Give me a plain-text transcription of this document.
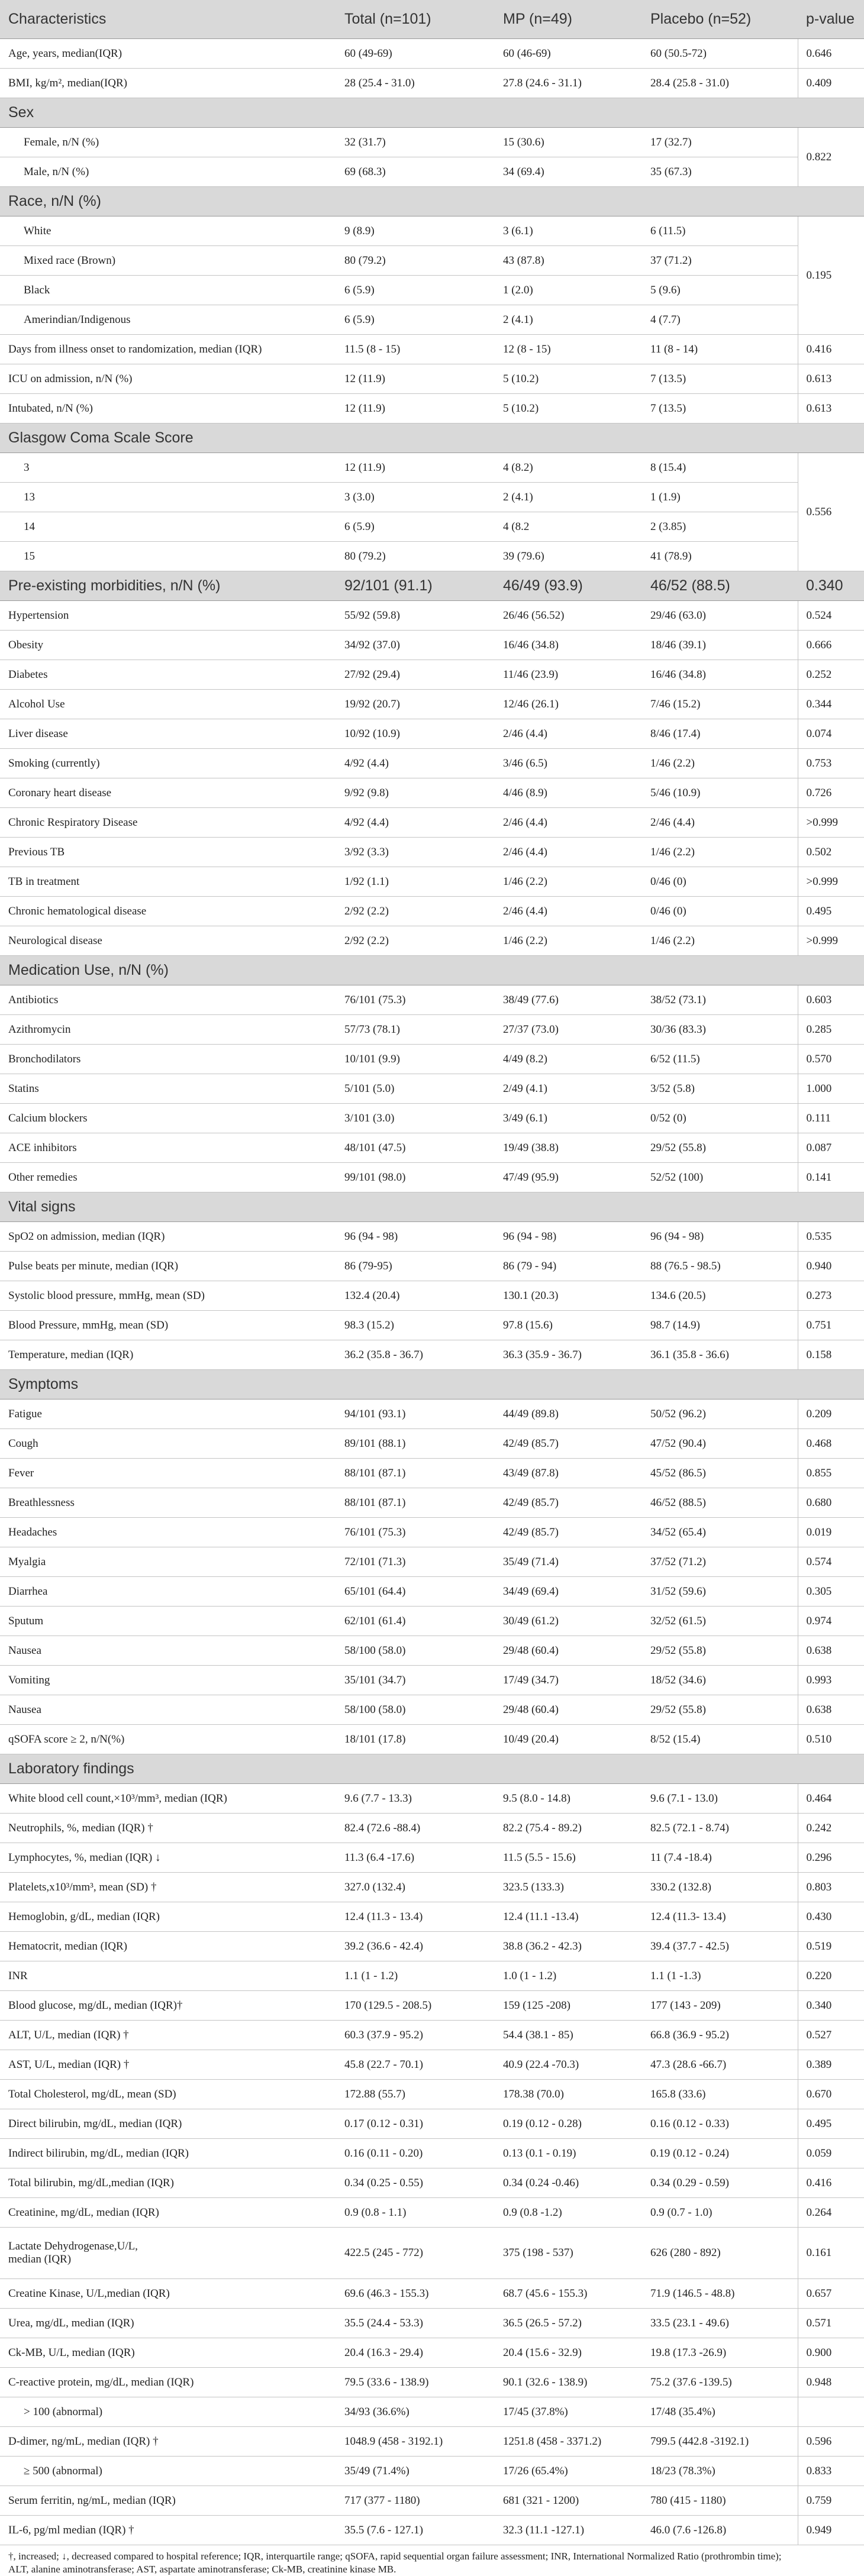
Characteristics	Total (n=101)	MP (n=49)	Placebo (n=52)	p-value
Age, years, median(IQR)	60 (49-69)	60 (46-69)	60 (50.5-72)	0.646
BMI, kg/m², median(IQR)	28 (25.4 - 31.0)	27.8 (24.6 - 31.1)	28.4 (25.8 - 31.0)	0.409
Sex				
Female, n/N (%)	32 (31.7)	15 (30.6)	17 (32.7)	0.822
Male, n/N (%)	69 (68.3)	34 (69.4)	35 (67.3)	
Race, n/N (%)				
White	9 (8.9)	3 (6.1)	6 (11.5)	0.195
Mixed race (Brown)	80 (79.2)	43 (87.8)	37 (71.2)	
Black	6 (5.9)	1 (2.0)	5 (9.6)	
Amerindian/Indigenous	6 (5.9)	2 (4.1)	4 (7.7)	
Days from illness onset to randomization, median (IQR)	11.5 (8 - 15)	12 (8 - 15)	11 (8 - 14)	0.416
ICU on admission, n/N (%)	12 (11.9)	5 (10.2)	7 (13.5)	0.613
Intubated, n/N (%)	12 (11.9)	5 (10.2)	7 (13.5)	0.613
Glasgow Coma Scale Score				
3	12 (11.9)	4 (8.2)	8 (15.4)	0.556
13	3 (3.0)	2 (4.1)	1 (1.9)	
14	6 (5.9)	4 (8.2	2 (3.85)	
15	80 (79.2)	39 (79.6)	41 (78.9)	
Pre-existing morbidities, n/N (%)	92/101 (91.1)	46/49 (93.9)	46/52 (88.5)	0.340
Hypertension	55/92 (59.8)	26/46 (56.52)	29/46 (63.0)	0.524
Obesity	34/92 (37.0)	16/46 (34.8)	18/46 (39.1)	0.666
Diabetes	27/92 (29.4)	11/46 (23.9)	16/46 (34.8)	0.252
Alcohol Use	19/92 (20.7)	12/46 (26.1)	7/46 (15.2)	0.344
Liver disease	10/92 (10.9)	2/46 (4.4)	8/46 (17.4)	0.074
Smoking (currently)	4/92 (4.4)	3/46 (6.5)	1/46 (2.2)	0.753
Coronary heart disease	9/92 (9.8)	4/46 (8.9)	5/46 (10.9)	0.726
Chronic Respiratory Disease	4/92 (4.4)	2/46 (4.4)	2/46 (4.4)	>0.999
Previous TB	3/92 (3.3)	2/46 (4.4)	1/46 (2.2)	0.502
TB in treatment	1/92 (1.1)	1/46 (2.2)	0/46 (0)	>0.999
Chronic hematological disease	2/92 (2.2)	2/46 (4.4)	0/46 (0)	0.495
Neurological disease	2/92 (2.2)	1/46 (2.2)	1/46 (2.2)	>0.999
Medication Use, n/N (%)				
Antibiotics	76/101 (75.3)	38/49 (77.6)	38/52 (73.1)	0.603
Azithromycin	57/73 (78.1)	27/37 (73.0)	30/36 (83.3)	0.285
Bronchodilators	10/101 (9.9)	4/49 (8.2)	6/52 (11.5)	0.570
Statins	5/101 (5.0)	2/49 (4.1)	3/52 (5.8)	1.000
Calcium blockers	3/101 (3.0)	3/49 (6.1)	0/52 (0)	0.111
ACE inhibitors	48/101 (47.5)	19/49 (38.8)	29/52 (55.8)	0.087
Other remedies	99/101 (98.0)	47/49 (95.9)	52/52 (100)	0.141
Vital signs				
SpO2 on admission, median (IQR)	96 (94 - 98)	96 (94 - 98)	96 (94 - 98)	0.535
Pulse beats per minute, median (IQR)	86 (79-95)	86 (79 - 94)	88 (76.5 - 98.5)	0.940
Systolic blood pressure, mmHg, mean (SD)	132.4 (20.4)	130.1 (20.3)	134.6 (20.5)	0.273
Blood Pressure, mmHg, mean (SD)	98.3 (15.2)	97.8 (15.6)	98.7 (14.9)	0.751
Temperature, median (IQR)	36.2 (35.8 - 36.7)	36.3 (35.9 - 36.7)	36.1 (35.8 - 36.6)	0.158
Symptoms				
Fatigue	94/101 (93.1)	44/49 (89.8)	50/52 (96.2)	0.209
Cough	89/101 (88.1)	42/49 (85.7)	47/52 (90.4)	0.468
Fever	88/101 (87.1)	43/49 (87.8)	45/52 (86.5)	0.855
Breathlessness	88/101 (87.1)	42/49 (85.7)	46/52 (88.5)	0.680
Headaches	76/101 (75.3)	42/49 (85.7)	34/52 (65.4)	0.019
Myalgia	72/101 (71.3)	35/49 (71.4)	37/52 (71.2)	0.574
Diarrhea	65/101 (64.4)	34/49 (69.4)	31/52 (59.6)	0.305
Sputum	62/101 (61.4)	30/49 (61.2)	32/52 (61.5)	0.974
Nausea	58/100 (58.0)	29/48 (60.4)	29/52 (55.8)	0.638
Vomiting	35/101 (34.7)	17/49 (34.7)	18/52 (34.6)	0.993
Nausea	58/100 (58.0)	29/48 (60.4)	29/52 (55.8)	0.638
qSOFA score ≥ 2, n/N(%)	18/101 (17.8)	10/49 (20.4)	8/52 (15.4)	0.510
Laboratory findings				
White blood cell count,×10³/mm³, median (IQR)	9.6 (7.7 - 13.3)	9.5 (8.0 - 14.8)	9.6 (7.1 - 13.0)	0.464
Neutrophils, %, median (IQR) †	82.4 (72.6 -88.4)	82.2 (75.4 - 89.2)	82.5 (72.1 - 8.74)	0.242
Lymphocytes, %, median (IQR) ↓	11.3 (6.4 -17.6)	11.5 (5.5 - 15.6)	11 (7.4 -18.4)	0.296
Platelets,x10³/mm³, mean (SD) †	327.0 (132.4)	323.5 (133.3)	330.2 (132.8)	0.803
Hemoglobin, g/dL, median (IQR)	12.4 (11.3 - 13.4)	12.4 (11.1 -13.4)	12.4 (11.3- 13.4)	0.430
Hematocrit, median (IQR)	39.2 (36.6 - 42.4)	38.8 (36.2 - 42.3)	39.4 (37.7 - 42.5)	0.519
INR	1.1 (1 - 1.2)	1.0 (1 - 1.2)	1.1 (1 -1.3)	0.220
Blood glucose, mg/dL, median (IQR)†	170 (129.5 - 208.5)	159 (125 -208)	177 (143 - 209)	0.340
ALT, U/L, median (IQR) †	60.3 (37.9 - 95.2)	54.4 (38.1 - 85)	66.8 (36.9 - 95.2)	0.527
AST, U/L, median (IQR) †	45.8 (22.7 - 70.1)	40.9 (22.4 -70.3)	47.3 (28.6 -66.7)	0.389
Total Cholesterol, mg/dL, mean (SD)	172.88 (55.7)	178.38 (70.0)	165.8 (33.6)	0.670
Direct bilirubin, mg/dL, median (IQR)	0.17 (0.12 - 0.31)	0.19 (0.12 - 0.28)	0.16 (0.12 - 0.33)	0.495
Indirect bilirubin, mg/dL, median (IQR)	0.16 (0.11 - 0.20)	0.13 (0.1 - 0.19)	0.19 (0.12 - 0.24)	0.059
Total bilirubin, mg/dL,median (IQR)	0.34 (0.25 - 0.55)	0.34 (0.24 -0.46)	0.34 (0.29 - 0.59)	0.416
Creatinine, mg/dL, median (IQR)	0.9 (0.8 - 1.1)	0.9 (0.8 -1.2)	0.9 (0.7 - 1.0)	0.264
Lactate Dehydrogenase,U/L,
median (IQR)	422.5 (245 - 772)	375 (198 - 537)	626 (280 - 892)	0.161
Creatine Kinase, U/L,median (IQR)	69.6 (46.3 - 155.3)	68.7 (45.6 - 155.3)	71.9 (146.5 - 48.8)	0.657
Urea, mg/dL, median (IQR)	35.5 (24.4 - 53.3)	36.5 (26.5 - 57.2)	33.5 (23.1 - 49.6)	0.571
Ck-MB, U/L, median (IQR)	20.4 (16.3 - 29.4)	20.4 (15.6 - 32.9)	19.8 (17.3 -26.9)	0.900
C-reactive protein, mg/dL, median (IQR)	79.5 (33.6 - 138.9)	90.1 (32.6 - 138.9)	75.2 (37.6 -139.5)	0.948
> 100 (abnormal)	34/93 (36.6%)	17/45 (37.8%)	17/48 (35.4%)	
D-dimer, ng/mL, median (IQR) †	1048.9 (458 - 3192.1)	1251.8 (458 - 3371.2)	799.5 (442.8 -3192.1)	0.596
≥ 500 (abnormal)	35/49 (71.4%)	17/26 (65.4%)	18/23 (78.3%)	0.833
Serum ferritin, ng/mL, median (IQR)	717 (377 - 1180)	681 (321 - 1200)	780 (415 - 1180)	0.759
IL-6, pg/ml median (IQR) †	35.5 (7.6 - 127.1)	32.3 (11.1 -127.1)	46.0 (7.6 -126.8)	0.949
†, increased; ↓, decreased compared to hospital reference; IQR, interquartile range; qSOFA, rapid sequential organ failure assessment; INR, International Normalized Ratio (prothrombin time);
ALT, alanine aminotransferase; AST, aspartate aminotransferase; Ck-MB, creatinine kinase MB.
